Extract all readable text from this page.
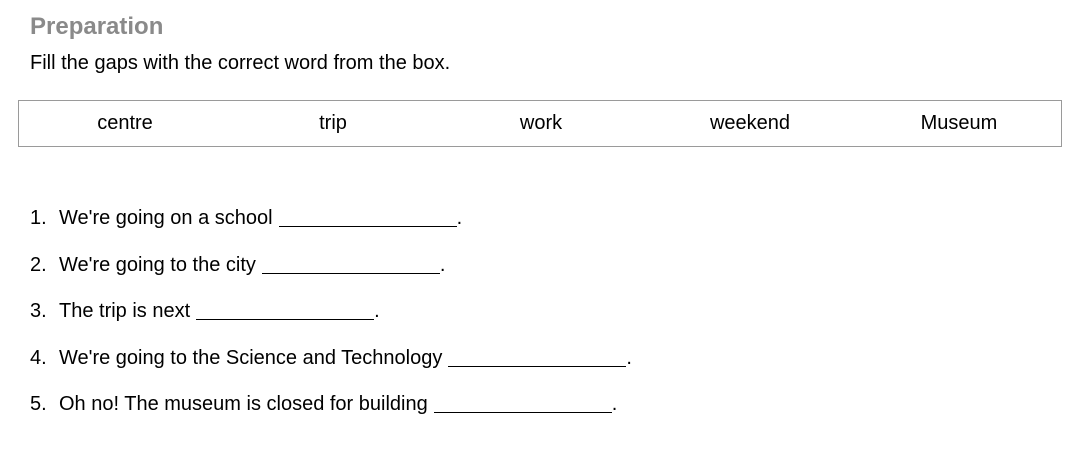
Preparation

Fill the gaps with the correct word from the box.

centre	trip	work	weekend	Museum
1. We're going on a school	.
2. We're going to the city	.
3. The trip is next	.
4. We're going to the Science and Technology	.
5. Oh no! The museum is closed for building	.
